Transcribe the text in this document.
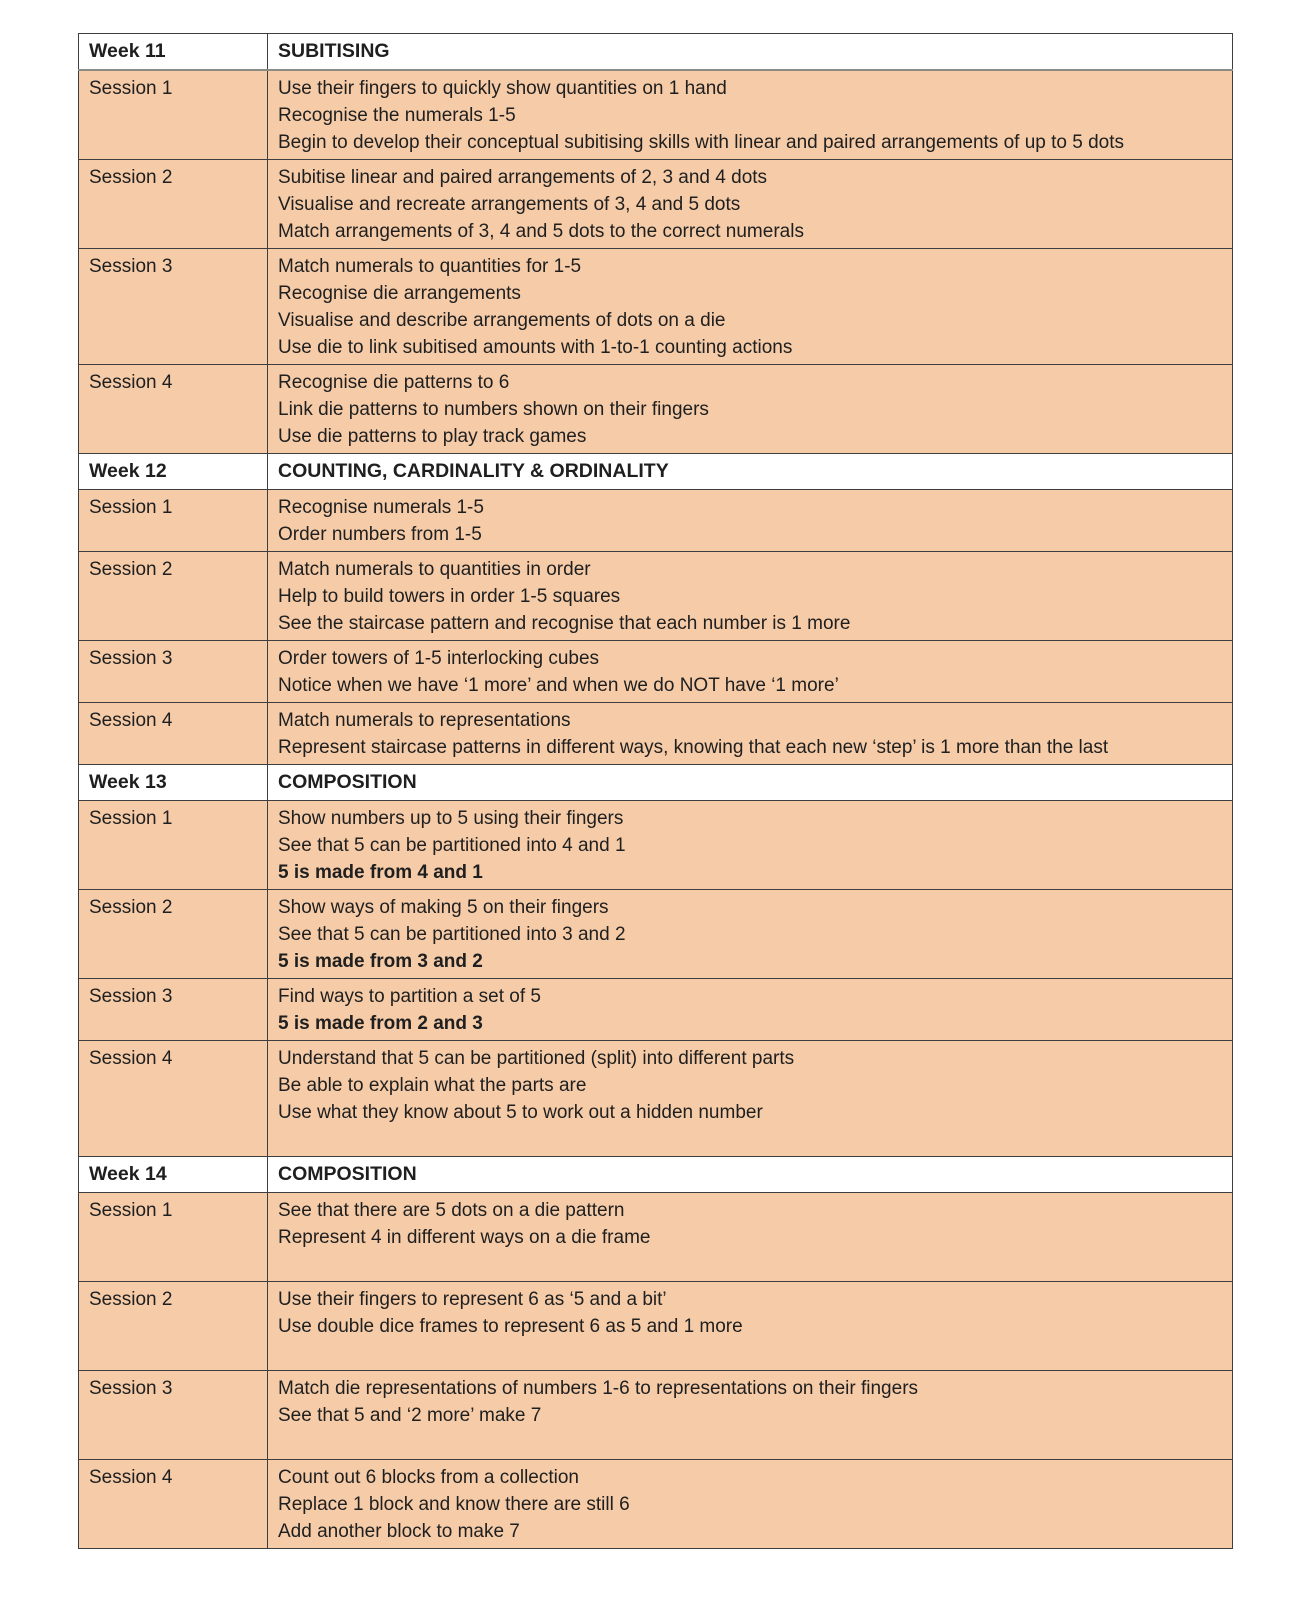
Week 11	SUBITISING
Session 1	Use their fingers to quickly show quantities on 1 hand
Recognise the numerals 1-5
Begin to develop their conceptual subitising skills with linear and paired arrangements of up to 5 dots

Session 2	Subitise linear and paired arrangements of 2, 3 and 4 dots
Visualise and recreate arrangements of 3, 4 and 5 dots
Match arrangements of 3, 4 and 5 dots to the correct numerals

Session 3	Match numerals to quantities for 1-5
Recognise die arrangements
Visualise and describe arrangements of dots on a die
Use die to link subitised amounts with 1-to-1 counting actions

Session 4	Recognise die patterns to 6
Link die patterns to numbers shown on their fingers
Use die patterns to play track games

Week 12	COUNTING, CARDINALITY & ORDINALITY
Session 1	Recognise numerals 1-5
Order numbers from 1-5

Session 2	Match numerals to quantities in order
Help to build towers in order 1-5 squares
See the staircase pattern and recognise that each number is 1 more

Session 3	Order towers of 1-5 interlocking cubes
Notice when we have ‘1 more’ and when we do NOT have ‘1 more’

Session 4	Match numerals to representations
Represent staircase patterns in different ways, knowing that each new ‘step’ is 1 more than the last

Week 13	COMPOSITION
Session 1	Show numbers up to 5 using their fingers
See that 5 can be partitioned into 4 and 1
5 is made from 4 and 1

Session 2	Show ways of making 5 on their fingers
See that 5 can be partitioned into 3 and 2
5 is made from 3 and 2

Session 3	Find ways to partition a set of 5
5 is made from 2 and 3

Session 4	Understand that 5 can be partitioned (split) into different parts
Be able to explain what the parts are
Use what they know about 5 to work out a hidden number

Week 14	COMPOSITION
Session 1	See that there are 5 dots on a die pattern
Represent 4 in different ways on a die frame

Session 2	Use their fingers to represent 6 as ‘5 and a bit’
Use double dice frames to represent 6 as 5 and 1 more

Session 3	Match die representations of numbers 1-6 to representations on their fingers
See that 5 and ‘2 more’ make 7

Session 4	Count out 6 blocks from a collection
Replace 1 block and know there are still 6
Add another block to make 7
